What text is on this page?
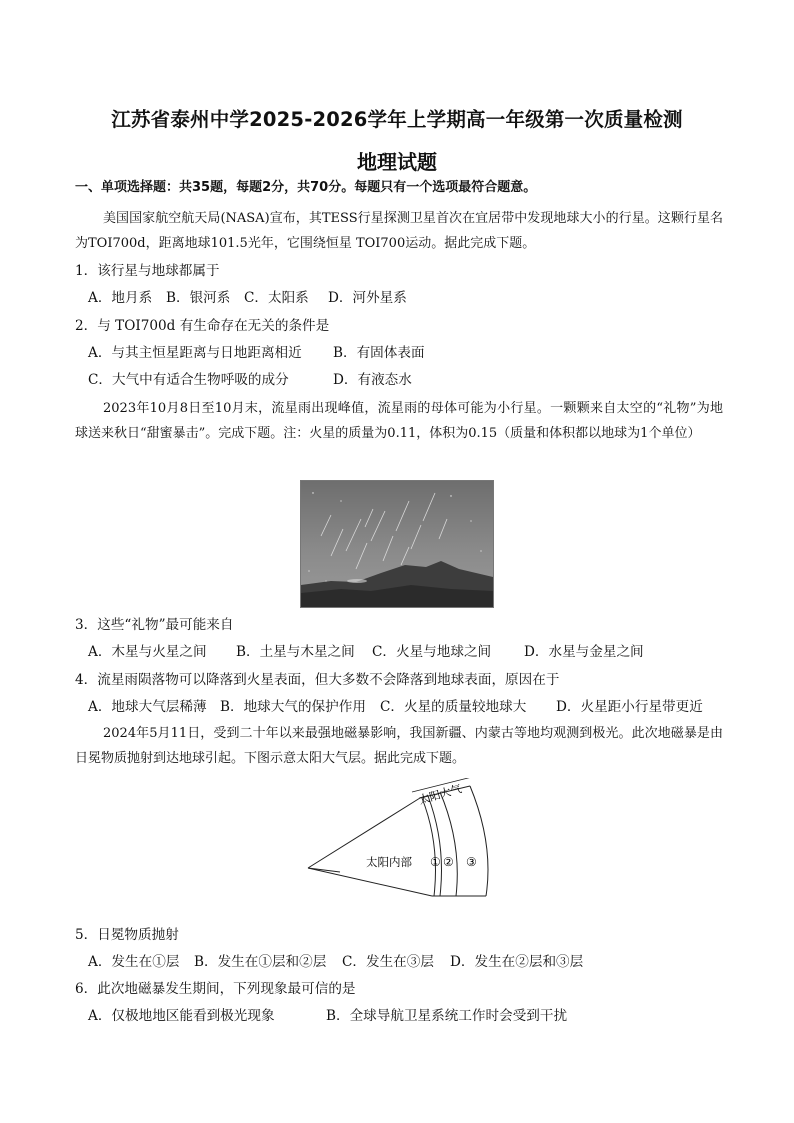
江苏省泰州中学2025-2026学年上学期高一年级第一次质量检测
地理试题
一、单项选择题：共35题，每题2分，共70分。每题只有一个选项最符合题意。
美国国家航空航天局(NASA)宣布，其TESS行星探测卫星首次在宜居带中发现地球大小的行星。这颗行星名为TOⅠ700d，距离地球101.5光年，它围绕恒星 TOⅠ700运动。据此完成下题。
1．该行星与地球都属于
A．地月系 B．银河系 C．太阳系 D．河外星系
2．与 TOⅠ700d 有生命存在无关的条件是
A．与其主恒星距离与日地距离相近 B．有固体表面
C．大气中有适合生物呼吸的成分	D．有液态水
2023年10月8日至10月末，流星雨出现峰值，流星雨的母体可能为小行星。一颗颗来自太空的“礼物”为地球送来秋日“甜蜜暴击”。完成下题。注：火星的质量为0.11，体积为0.15（质量和体积都以地球为1个单位）
3．这些“礼物”最可能来自
A．木星与火星之间 B．土星与木星之间 C．火星与地球之间 D．水星与金星之间
4．流星雨陨落物可以降落到火星表面，但大多数不会降落到地球表面，原因在于
A．地球大气层稀薄 B．地球大气的保护作用 C．火星的质量较地球大 D．火星距小行星带更近
2024年5月11日，受到二十年以来最强地磁暴影响，我国新疆、内蒙古等地均观测到极光。此次地磁暴是由日冕物质抛射到达地球引起。下图示意太阳大气层。据此完成下题。
太阳大气
太阳内部 ① ② ③
5．日冕物质抛射
A．发生在①层 B．发生在①层和②层 C．发生在③层 D．发生在②层和③层
6．此次地磁暴发生期间，下列现象最可信的是
A．仅极地地区能看到极光现象	B．全球导航卫星系统工作时会受到干扰
